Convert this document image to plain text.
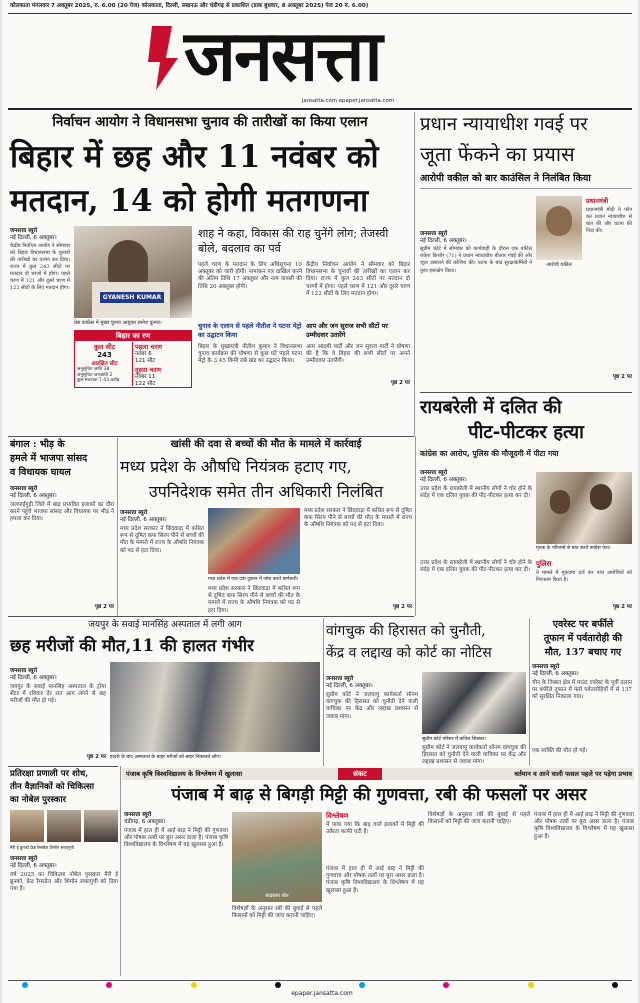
कोलकाता मंगलवार 7 अक्तूबर 2025, रु. 6.00 (20 पेज) कोलकाता, दिल्ली, लखनऊ और चंडीगढ़ से प्रकाशित (डाक बुधवार, 8 अक्तूबर 2025) पेज 20 रु. 6.00)
जनसत्ता
jansatta.com epaper.jansatta.com
निर्वाचन आयोग ने विधानसभा चुनाव की तारीखों का किया एलान
बिहार में छह और 11 नवंबर को
मतदान, 14 को होगी मतगणना
जनसत्ता ब्यूरो
नई दिल्ली, 6 अक्तूबर।
केंद्रीय निर्वाचन आयोग ने सोमवार को बिहार विधानसभा के चुनावों की तारीखों का एलान कर दिया। राज्य में कुल 243 सीटों पर मतदान दो चरणों में होगा। पहले चरण में 121 और दूसरे चरण में 122 सीटों के लिए मतदान होगा।
GYANESH KUMAR
प्रेस कांफ्रेंस में मुख्य चुनाव आयुक्त ज्ञानेश कुमार।
बिहार का रण
कुल सीट
243
आरक्षित सीट
अनुसूचित जाति 38
अनुसूचित जनजाति 2
कुल मतदाता 7.43 करोड़
पहला चरण
नवंबर 6
121 सीट
दूसरा चरण
नवंबर 11
122 सीट
शाह ने कहा, विकास की राह चुनेंगे लोग; तेजस्वी बोले, बदलाव का पर्व
पहले चरण के मतदान के लिए अधिसूचना 10 अक्तूबर को जारी होगी। नामांकन पत्र दाखिल करने की अंतिम तिथि 17 अक्तूबर और नाम वापसी की तिथि 20 अक्तूबर होगी।
केंद्रीय निर्वाचन आयोग ने सोमवार को बिहार विधानसभा के चुनावों की तारीखों का एलान कर दिया। राज्य में कुल 243 सीटों पर मतदान दो चरणों में होगा। पहले चरण में 121 और दूसरे चरण में 122 सीटों के लिए मतदान होगा।
चुनाव के एलान से पहले नीतीश ने पटना मेट्रो का उद्घाटन किया
बिहार के मुख्यमंत्री नीतीश कुमार ने विधानसभा चुनाव कार्यक्रम की घोषणा से कुछ घंटे पहले पटना मेट्रो के 3.45 किमी लंबे खंड का उद्घाटन किया।
आप और जन सुराज सभी सीटों पर उम्मीदवार उतारेंगे
आम आदमी पार्टी और जन सुराज पार्टी ने घोषणा की है कि वे बिहार की सभी सीटों पर अपने उम्मीदवार उतारेंगी।
पृष्ठ 2 पर
प्रधान न्यायाधीश गवई पर
जूता फेंकने का प्रयास
आरोपी वकील को बार काउंसिल ने निलंबित किया
जनसत्ता ब्यूरो
नई दिल्ली, 6 अक्तूबर।
सुप्रीम कोर्ट में सोमवार को कार्यवाही के दौरान एक वकील राकेश किशोर (71) ने प्रधान न्यायाधीश बीआर गवई की ओर जूता उछालने की कोशिश की। घटना के बाद सुरक्षाकर्मियों ने तुरंत हस्तक्षेप किया।
आरोपी वकील
प्रधानमंत्री
प्रधानमंत्री मोदी ने फोन कर प्रधान न्यायाधीश से बात की और घटना की निंदा की।
पृष्ठ 2 पर
रायबरेली में दलित की
पीट-पीटकर हत्या
कांग्रेस का आरोप, पुलिस की मौजूदगी में पीटा गया
जनसत्ता ब्यूरो
नई दिल्ली, 6 अक्तूबर।
उत्तर प्रदेश के रायबरेली में स्थानीय लोगों ने चोर होने के संदेह में एक दलित युवक की पीट-पीटकर हत्या कर दी।
मृतक के परिजनों से बात करते कांग्रेस नेता।
पुलिस
ने मामले में मुकदमा दर्ज कर पांच आरोपियों को गिरफ्तार किया है।
उत्तर प्रदेश के रायबरेली में स्थानीय लोगों ने चोर होने के संदेह में एक दलित युवक की पीट-पीटकर हत्या कर दी।
पृष्ठ 2 पर
बंगाल : भीड़ के
हमले में भाजपा सांसद
व विधायक घायल
जनसत्ता ब्यूरो
नई दिल्ली, 6 अक्तूबर।
जलपाईगुड़ी जिले में बाढ़ प्रभावित इलाकों का दौरा करने पहुंचे भाजपा सांसद और विधायक पर भीड़ ने हमला कर दिया।
पृष्ठ 2 पर
खांसी की दवा से बच्चों की मौत के मामले में कार्रवाई
मध्य प्रदेश के औषधि नियंत्रक हटाए गए,
उपनिदेशक समेत तीन अधिकारी निलंबित
जनसत्ता ब्यूरो
नई दिल्ली, 6 अक्तूबर।
मध्य प्रदेश सरकार ने छिंदवाड़ा में कथित रूप से दूषित कफ सिरप पीने से बच्चों की मौत के मामले में राज्य के औषधि नियंत्रक को पद से हटा दिया।
मध्य प्रदेश में एक दवा दुकान में जांच करते कर्मचारी।
मध्य प्रदेश सरकार ने छिंदवाड़ा में कथित रूप से दूषित कफ सिरप पीने से बच्चों की मौत के मामले में राज्य के औषधि नियंत्रक को पद से हटा दिया।
मध्य प्रदेश सरकार ने छिंदवाड़ा में कथित रूप से दूषित कफ सिरप पीने से बच्चों की मौत के मामले में राज्य के औषधि नियंत्रक को पद से हटा दिया।
पृष्ठ 2 पर
जयपुर के सवाई मानसिंह अस्पताल में लगी आग
छह मरीजों की मौत,11 की हालत गंभीर
जनसत्ता ब्यूरो
नई दिल्ली, 6 अक्तूबर।
जयपुर के सवाई मानसिंह अस्पताल के ट्रॉमा सेंटर में रविवार देर रात आग लगने से छह मरीजों की मौत हो गई।
हादसे के बाद अस्पताल के बाहर मरीजों को बाहर निकालते लोग।
पृष्ठ 2 पर
वांगचुक की हिरासत को चुनौती,
केंद्र व लद्दाख को कोर्ट का नोटिस
जनसत्ता ब्यूरो
नई दिल्ली, 6 अक्तूबर।
सुप्रीम कोर्ट ने जलवायु कार्यकर्ता सोनम वांगचुक की हिरासत को चुनौती देने वाली याचिका पर केंद्र और लद्दाख प्रशासन से जवाब मांगा।
सुप्रीम कोर्ट परिसर में कपिल सिब्बल।
सुप्रीम कोर्ट ने जलवायु कार्यकर्ता सोनम वांगचुक की हिरासत को चुनौती देने वाली याचिका पर केंद्र और लद्दाख प्रशासन से जवाब मांगा।
एवरेस्ट पर बर्फीले
तूफान में पर्वतारोही की
मौत, 137 बचाए गए
जनसत्ता ब्यूरो
नई दिल्ली, 6 अक्तूबर।
चीन के तिब्बत क्षेत्र में माउंट एवरेस्ट के पूर्वी ढलान पर बर्फीले तूफान में फंसे पर्वतारोहियों में से 137 को सुरक्षित निकाला गया।
एक व्यक्ति की मौत हो गई।
प्रतिरक्षा प्रणाली पर शोध,
तीन वैज्ञानिकों को चिकित्सा
का नोबेल पुरस्कार
मैरी ई ब्रुनको फ्रेड रैम्सडेल शिमोन सकागुची
जनसत्ता ब्यूरो
नई दिल्ली, 6 अक्तूबर।
वर्ष 2025 का चिकित्सा नोबेल पुरस्कार मैरी ई ब्रुनको, फ्रेड रैम्सडेल और शिमोन सकागुची को दिया गया है।
पंजाब कृषि विश्वविद्यालय के विश्लेषण में खुलासा	संकट	वर्तमान व आने वाली फसल पहले पर पड़ेगा प्रभाव
पंजाब में बाढ़ से बिगड़ी मिट्टी की गुणवत्ता, रबी की फसलों पर असर
जनसत्ता ब्यूरो
चंडीगढ़, 6 अक्तूबर।
पंजाब में हाल ही में आई बाढ़ ने मिट्टी की गुणवत्ता और पोषक तत्वों पर बुरा असर डाला है। पंजाब कृषि विश्वविद्यालय के विश्लेषण में यह खुलासा हुआ है।
बाढ़ग्रस्त खेत
विशेषज्ञों के अनुसार रबी की बुवाई से पहले किसानों को मिट्टी की जांच करानी चाहिए।
विश्लेषण
में पाया गया कि बाढ़ वाले इलाकों में मिट्टी की उर्वरता काफी घटी है।
पंजाब में हाल ही में आई बाढ़ ने मिट्टी की गुणवत्ता और पोषक तत्वों पर बुरा असर डाला है। पंजाब कृषि विश्वविद्यालय के विश्लेषण में यह खुलासा हुआ है।
विशेषज्ञों के अनुसार रबी की बुवाई से पहले किसानों को मिट्टी की जांच करानी चाहिए।
पंजाब में हाल ही में आई बाढ़ ने मिट्टी की गुणवत्ता और पोषक तत्वों पर बुरा असर डाला है। पंजाब कृषि विश्वविद्यालय के विश्लेषण में यह खुलासा हुआ है।
epaper.jansatta.com
